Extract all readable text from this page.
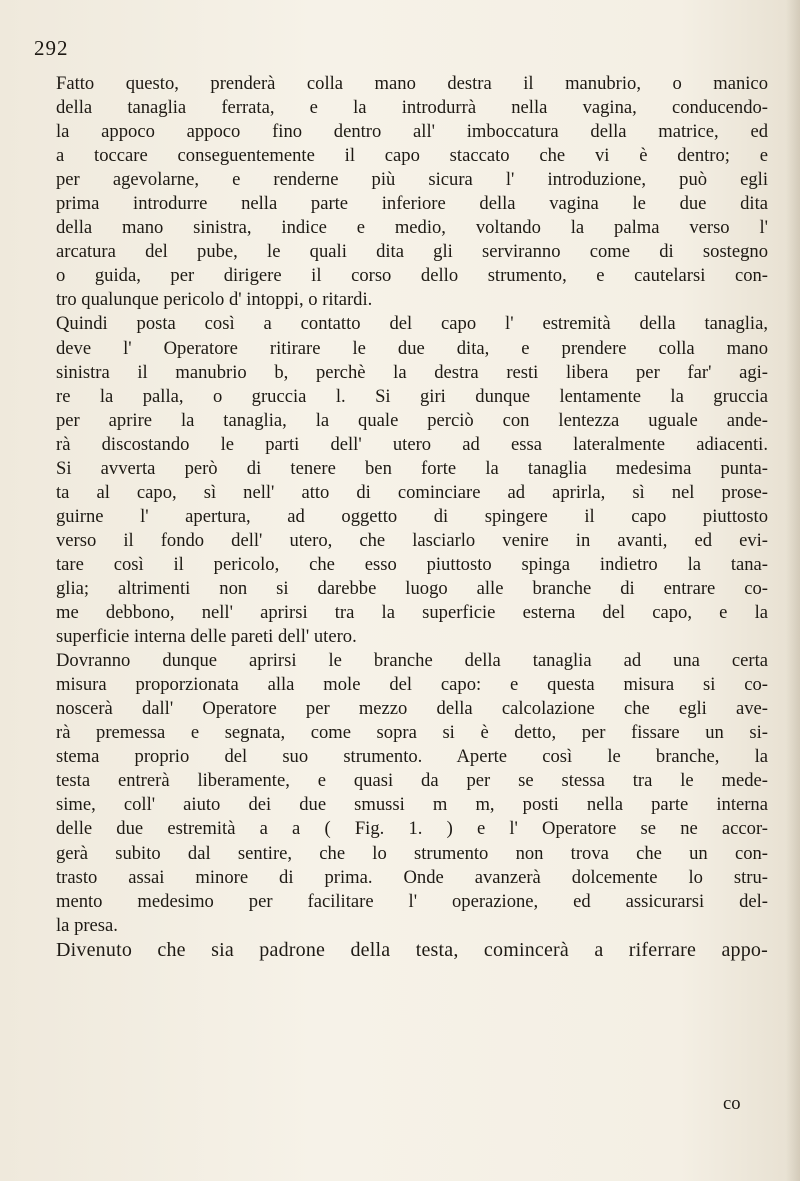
292
Fatto questo, prenderà colla mano destra il manubrio, o manico
della tanaglia ferrata, e la introdurrà nella vagina, conducendo-
la appoco appoco fino dentro all' imboccatura della matrice, ed
a toccare conseguentemente il capo staccato che vi è dentro; e
per agevolarne, e renderne più sicura l' introduzione, può egli
prima introdurre nella parte inferiore della vagina le due dita
della mano sinistra, indice e medio, voltando la palma verso l'
arcatura del pube, le quali dita gli serviranno come di sostegno
o guida, per dirigere il corso dello strumento, e cautelarsi con-
tro qualunque pericolo d' intoppi, o ritardi.
Quindi posta così a contatto del capo l' estremità della tanaglia,
deve l' Operatore ritirare le due dita, e prendere colla mano
sinistra il manubrio b, perchè la destra resti libera per far' agi-
re la palla, o gruccia l. Si giri dunque lentamente la gruccia
per aprire la tanaglia, la quale perciò con lentezza uguale ande-
rà discostando le parti dell' utero ad essa lateralmente adiacenti.
Si avverta però di tenere ben forte la tanaglia medesima punta-
ta al capo, sì nell' atto di cominciare ad aprirla, sì nel prose-
guirne l' apertura, ad oggetto di spingere il capo piuttosto
verso il fondo dell' utero, che lasciarlo venire in avanti, ed evi-
tare così il pericolo, che esso piuttosto spinga indietro la tana-
glia; altrimenti non si darebbe luogo alle branche di entrare co-
me debbono, nell' aprirsi tra la superficie esterna del capo, e la
superficie interna delle pareti dell' utero.
Dovranno dunque aprirsi le branche della tanaglia ad una certa
misura proporzionata alla mole del capo: e questa misura si co-
noscerà dall' Operatore per mezzo della calcolazione che egli ave-
rà premessa e segnata, come sopra si è detto, per fissare un si-
stema proprio del suo strumento. Aperte così le branche, la
testa entrerà liberamente, e quasi da per se stessa tra le mede-
sime, coll' aiuto dei due smussi m m, posti nella parte interna
delle due estremità a a ( Fig. 1. ) e l' Operatore se ne accor-
gerà subito dal sentire, che lo strumento non trova che un con-
trasto assai minore di prima. Onde avanzerà dolcemente lo stru-
mento medesimo per facilitare l' operazione, ed assicurarsi del-
la presa.
Divenuto che sia padrone della testa, comincerà a riferrare appo-
co
